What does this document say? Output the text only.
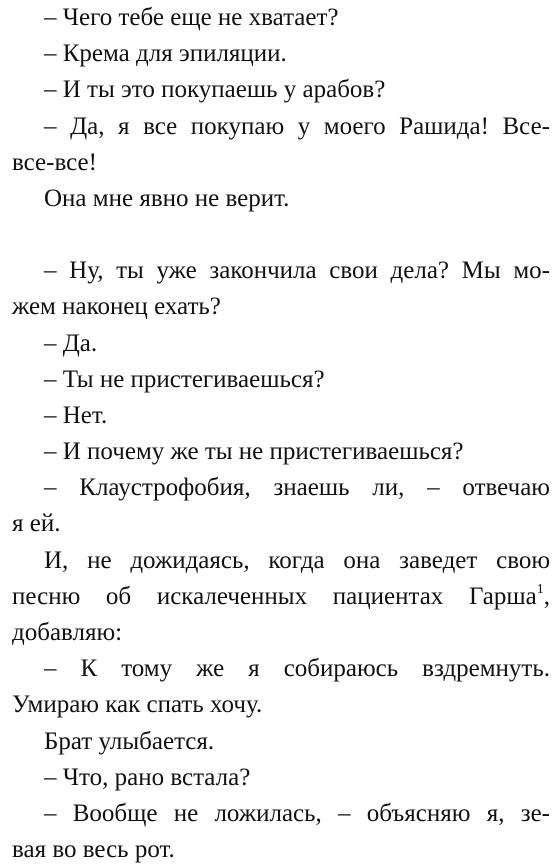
– Чего тебе еще не хватает?
– Крема для эпиляции.
– И ты это покупаешь у арабов?
– Да, я все покупаю у моего Рашида! Все-
все-все!
Она мне явно не верит.
– Ну, ты уже закончила свои дела? Мы мо-
жем наконец ехать?
– Да.
– Ты не пристегиваешься?
– Нет.
– И почему же ты не пристегиваешься?
– Клаустрофобия, знаешь ли, – отвечаю
я ей.
И, не дожидаясь, когда она заведет свою
песню об искалеченных пациентах Гарша$^1$,
добавляю:
– К тому же я собираюсь вздремнуть.
Умираю как спать хочу.
Брат улыбается.
– Что, рано встала?
– Вообще не ложилась, – объясняю я, зе-
вая во весь рот.
